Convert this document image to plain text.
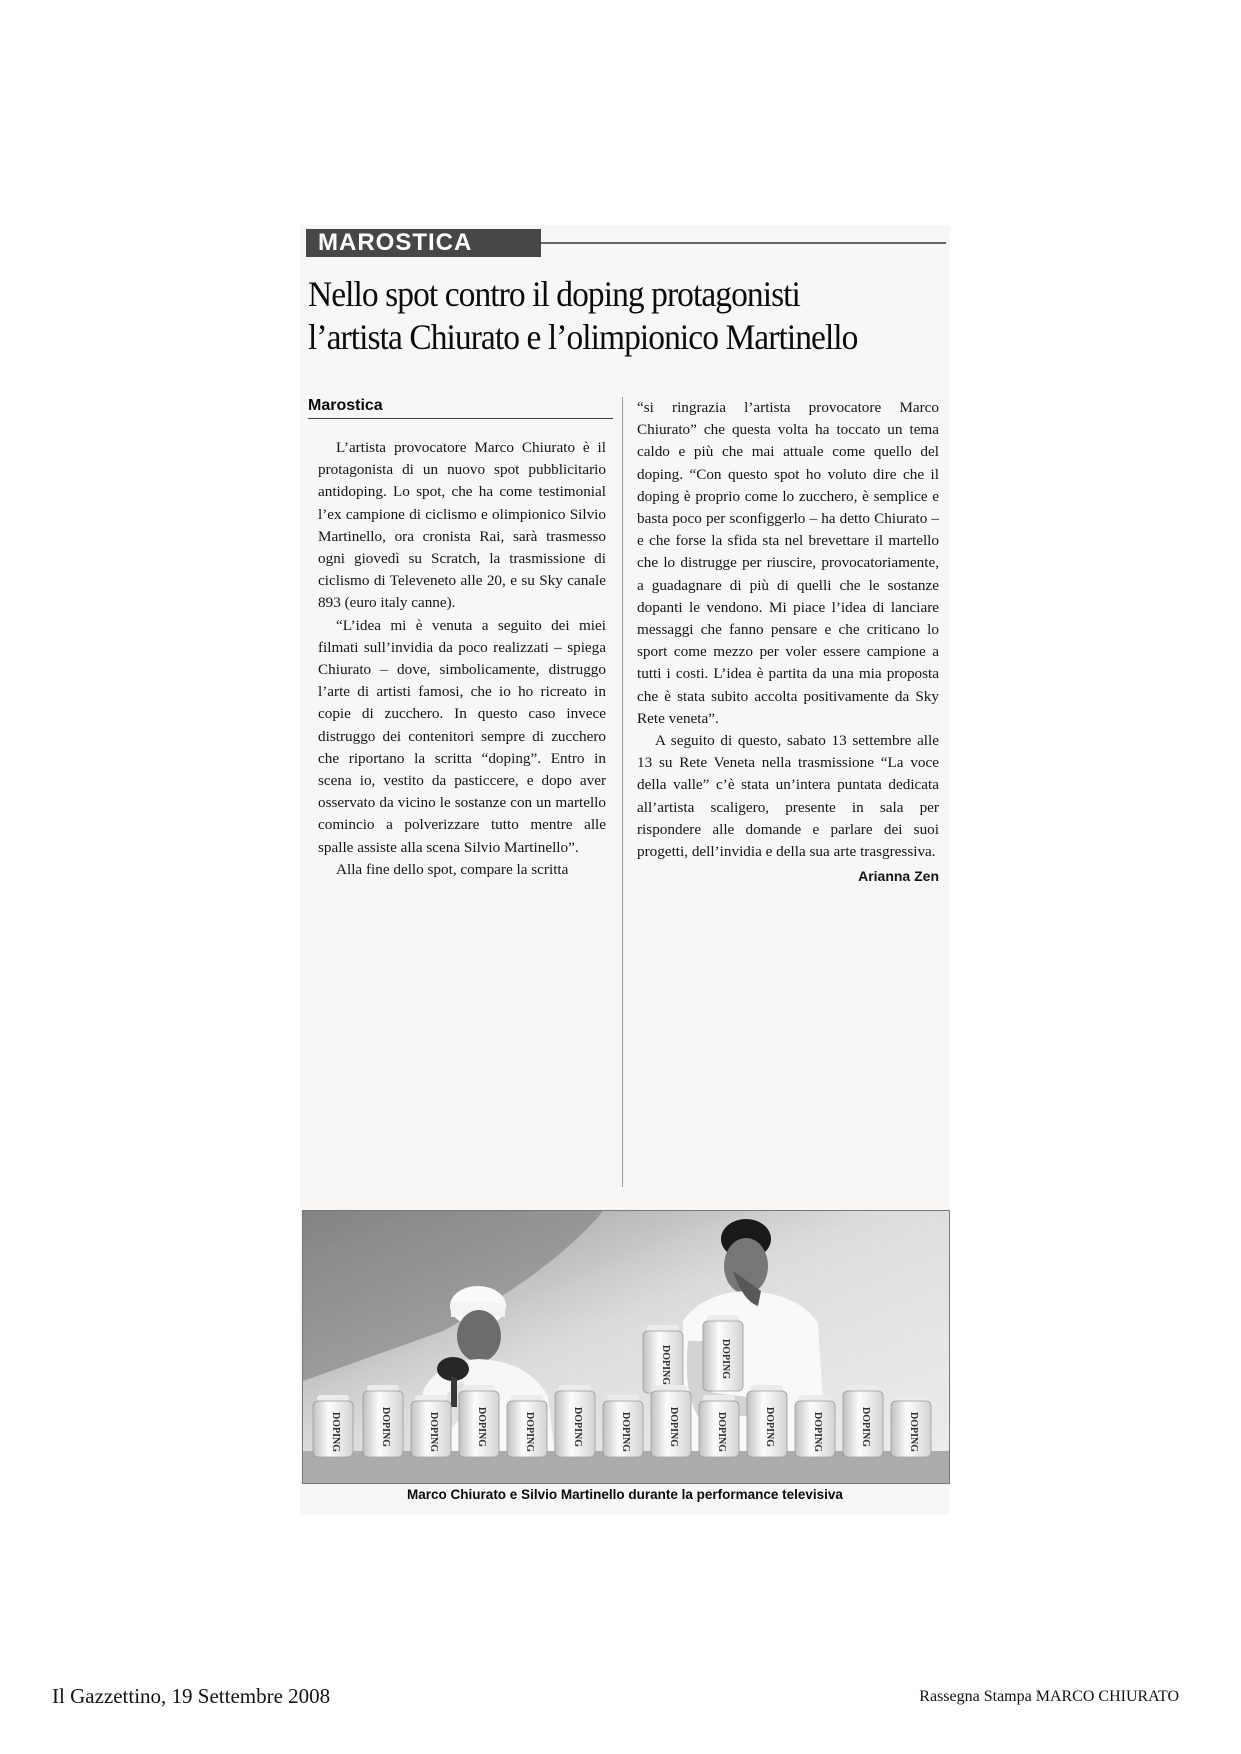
MAROSTICA
Nello spot contro il doping protagonisti
l’artista Chiurato e l’olimpionico Martinello
Marostica

L’artista provocatore Marco Chiurato è il protagonista di un nuovo spot pubblicitario antidoping. Lo spot, che ha come testimonial l’ex campione di ciclismo e olimpionico Silvio Martinello, ora cronista Rai, sarà trasmesso ogni giovedì su Scratch, la trasmissione di ciclismo di Televeneto alle 20, e su Sky canale 893 (euro italy canne).

“L’idea mi è venuta a seguito dei miei filmati sull’invidia da poco realizzati – spiega Chiurato – dove, simbolicamente, distruggo l’arte di artisti famosi, che io ho ricreato in copie di zucchero. In questo caso invece distruggo dei contenitori sempre di zucchero che riportano la scritta “doping”. Entro in scena io, vestito da pasticcere, e dopo aver osservato da vicino le sostanze con un martello comincio a polverizzare tutto mentre alle spalle assiste alla scena Silvio Martinello”.

Alla fine dello spot, compare la scritta

“si ringrazia l’artista provocatore Marco Chiurato” che questa volta ha toccato un tema caldo e più che mai attuale come quello del doping. “Con questo spot ho voluto dire che il doping è proprio come lo zucchero, è semplice e basta poco per sconfiggerlo – ha detto Chiurato – e che forse la sfida sta nel brevettare il martello che lo distrugge per riuscire, provocatoriamente, a guadagnare di più di quelli che le sostanze dopanti le vendono. Mi piace l’idea di lanciare messaggi che fanno pensare e che criticano lo sport come mezzo per voler essere campione a tutti i costi. L’idea è partita da una mia proposta che è stata subito accolta positivamente da Sky Rete veneta”.

A seguito di questo, sabato 13 settembre alle 13 su Rete Veneta nella trasmissione “La voce della valle” c’è stata un’intera puntata dedicata all’artista scaligero, presente in sala per rispondere alle domande e parlare dei suoi progetti, dell’invidia e della sua arte trasgressiva.

Arianna Zen
DOPING	DOPING
DOPING	DOPING	DOPING	DOPING	DOPING	DOPING	DOPING	DOPING	DOPING	DOPING	DOPING	DOPING	DOPING
Marco Chiurato e Silvio Martinello durante la performance televisiva
Il Gazzettino, 19 Settembre 2008	Rassegna Stampa MARCO CHIURATO
